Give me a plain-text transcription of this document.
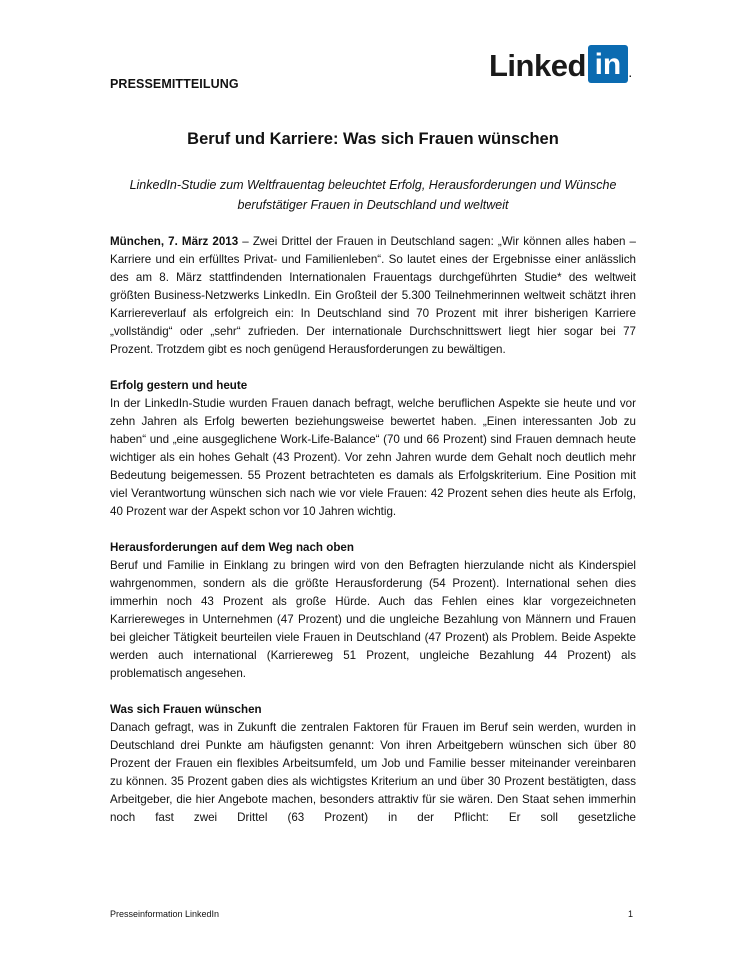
PRESSEMITTEILUNG
Linked in .
Beruf und Karriere: Was sich Frauen wünschen
LinkedIn-Studie zum Weltfrauentag beleuchtet Erfolg, Herausforderungen und Wünsche berufstätiger Frauen in Deutschland und weltweit

München, 7. März 2013 – Zwei Drittel der Frauen in Deutschland sagen: „Wir können alles haben – Karriere und ein erfülltes Privat- und Familienleben“. So lautet eines der Ergebnisse einer anlässlich des am 8. März stattfindenden Internationalen Frauentags durchgeführten Studie* des weltweit größten Business-Netzwerks LinkedIn. Ein Großteil der 5.300 Teilnehmerinnen weltweit schätzt ihren Karriereverlauf als erfolgreich ein: In Deutschland sind 70 Prozent mit ihrer bisherigen Karriere „vollständig“ oder „sehr“ zufrieden. Der internationale Durchschnittswert liegt hier sogar bei 77 Prozent. Trotzdem gibt es noch genügend Herausforderungen zu bewältigen.

Erfolg gestern und heute

In der LinkedIn-Studie wurden Frauen danach befragt, welche beruflichen Aspekte sie heute und vor zehn Jahren als Erfolg bewerten beziehungsweise bewertet haben. „Einen interessanten Job zu haben“ und „eine ausgeglichene Work-Life-Balance“ (70 und 66 Prozent) sind Frauen demnach heute wichtiger als ein hohes Gehalt (43 Prozent). Vor zehn Jahren wurde dem Gehalt noch deutlich mehr Bedeutung beigemessen. 55 Prozent betrachteten es damals als Erfolgskriterium. Eine Position mit viel Verantwortung wünschen sich nach wie vor viele Frauen: 42 Prozent sehen dies heute als Erfolg, 40 Prozent war der Aspekt schon vor 10 Jahren wichtig.

Herausforderungen auf dem Weg nach oben

Beruf und Familie in Einklang zu bringen wird von den Befragten hierzulande nicht als Kinderspiel wahrgenommen, sondern als die größte Herausforderung (54 Prozent). International sehen dies immerhin noch 43 Prozent als große Hürde. Auch das Fehlen eines klar vorgezeichneten Karriereweges in Unternehmen (47 Prozent) und die ungleiche Bezahlung von Männern und Frauen bei gleicher Tätigkeit beurteilen viele Frauen in Deutschland (47 Prozent) als Problem. Beide Aspekte werden auch international (Karriereweg 51 Prozent, ungleiche Bezahlung 44 Prozent) als problematisch angesehen.

Was sich Frauen wünschen

Danach gefragt, was in Zukunft die zentralen Faktoren für Frauen im Beruf sein werden, wurden in Deutschland drei Punkte am häufigsten genannt: Von ihren Arbeitgebern wünschen sich über 80 Prozent der Frauen ein flexibles Arbeitsumfeld, um Job und Familie besser miteinander vereinbaren zu können. 35 Prozent gaben dies als wichtigstes Kriterium an und über 30 Prozent bestätigten, dass Arbeitgeber, die hier Angebote machen, besonders attraktiv für sie wären. Den Staat sehen immerhin noch fast zwei Drittel (63 Prozent) in der Pflicht: Er soll gesetzliche

Presseinformation LinkedIn	1
